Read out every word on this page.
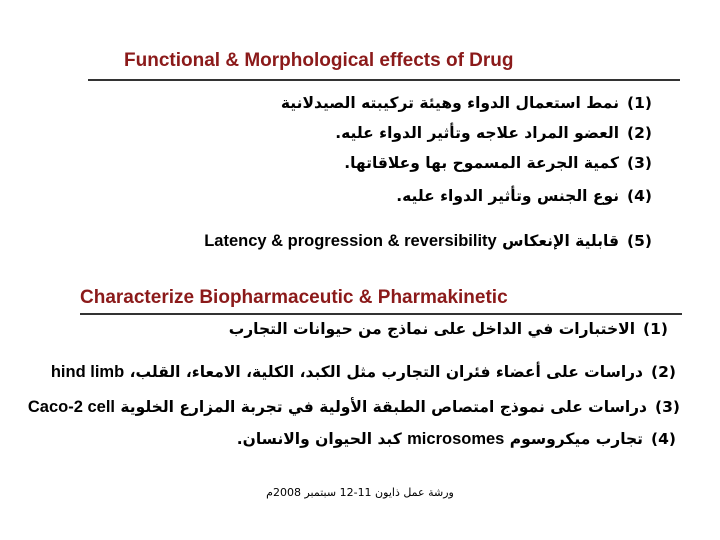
Functional & Morphological effects of Drug
(1)نمط استعمال الدواء وهيئة تركيبته الصيدلانية
(2)العضو المراد علاجه وتأثير الدواء عليه.
(3)كمية الجرعة المسموح بها وعلاقاتها.
(4)نوع الجنس وتأثير الدواء عليه.
(5)قابلية الإنعكاس Latency & progression & reversibility
Characterize Biopharmaceutic & Pharmakinetic
(1)الاختبارات في الداخل على نماذج من حيوانات التجارب
(2)دراسات على أعضاء فئران التجارب مثل الكبد، الكلية، الامعاء، القلب، hind limb
(3)دراسات على نموذج امتصاص الطبقة الأولية في تجربة المزارع الخلوية Caco-2 cell
(4)تجارب ميكروسوم microsomes كبد الحيوان والانسان.
ورشة عمل ذايون 11-12 سبتمبر 2008م
